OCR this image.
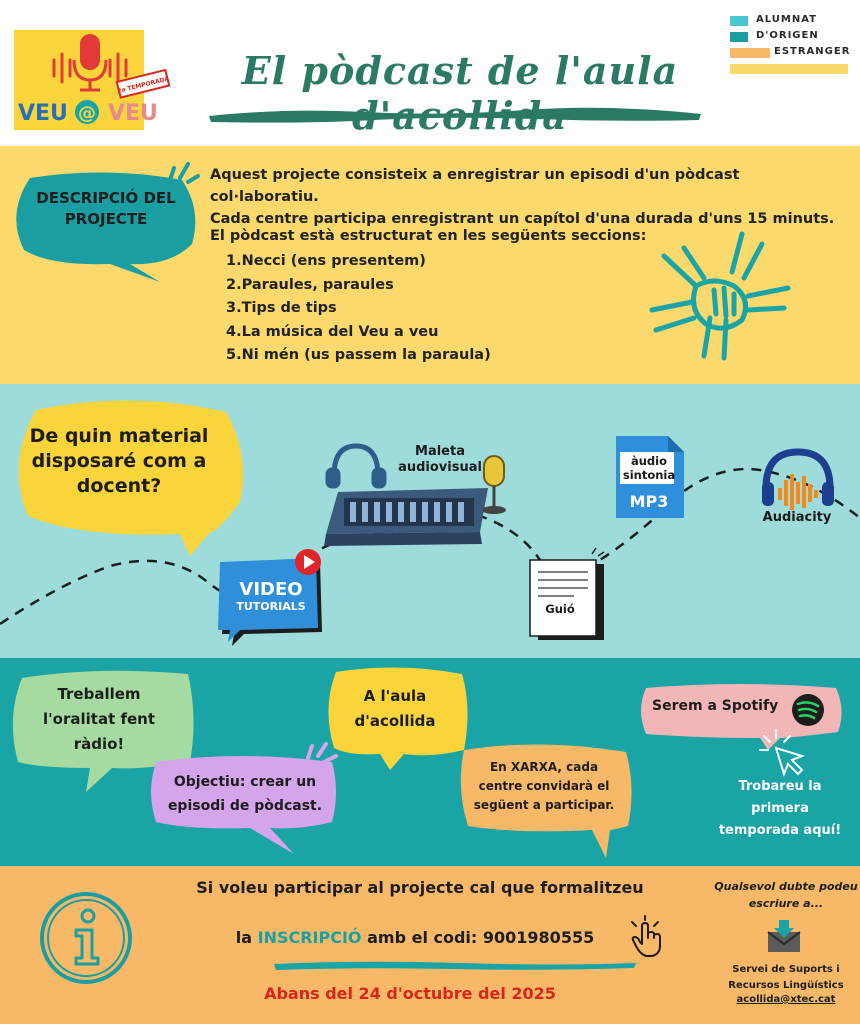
VEU @ VEU
2a TEMPORADA	El pòdcast de l'aula
ALUMNAT
D'ORIGEN
ESTRANGER
DESCRIPCIÓ DEL PROJECTE
Aquest projecte consisteix a enregistrar un episodi d'un pòdcast col·laboratiu.
Cada centre participa enregistrant un capítol d'una durada d'uns 15 minuts.
El pòdcast està estructurat en les següents seccions:
1.Necci (ens presentem)
2.Paraules, paraules
3.Tips de tips
4.La música del Veu a veu
5.Ni mén (us passem la paraula)
De quin material disposaré com a docent?
Maleta audiovisual	àudio sintonia
MP3
Audiacity
Guió
VIDEO
TUTORIALS
Treballem l'oralitat fent ràdio!
A l'aula d'acollida
Objectiu: crear un episodi de pòdcast.
En XARXA, cada centre convidarà el següent a participar.
Serem a Spotify
Trobareu la primera temporada aquí!
Si voleu participar al projecte cal que formalitzeu
la INSCRIPCIÓ amb el codi: 9001980555
Abans del 24 d'octubre del 2025
Qualsevol dubte podeu escriure a...
Servei de Suports i Recursos Lingüístics
acollida@xtec.cat
